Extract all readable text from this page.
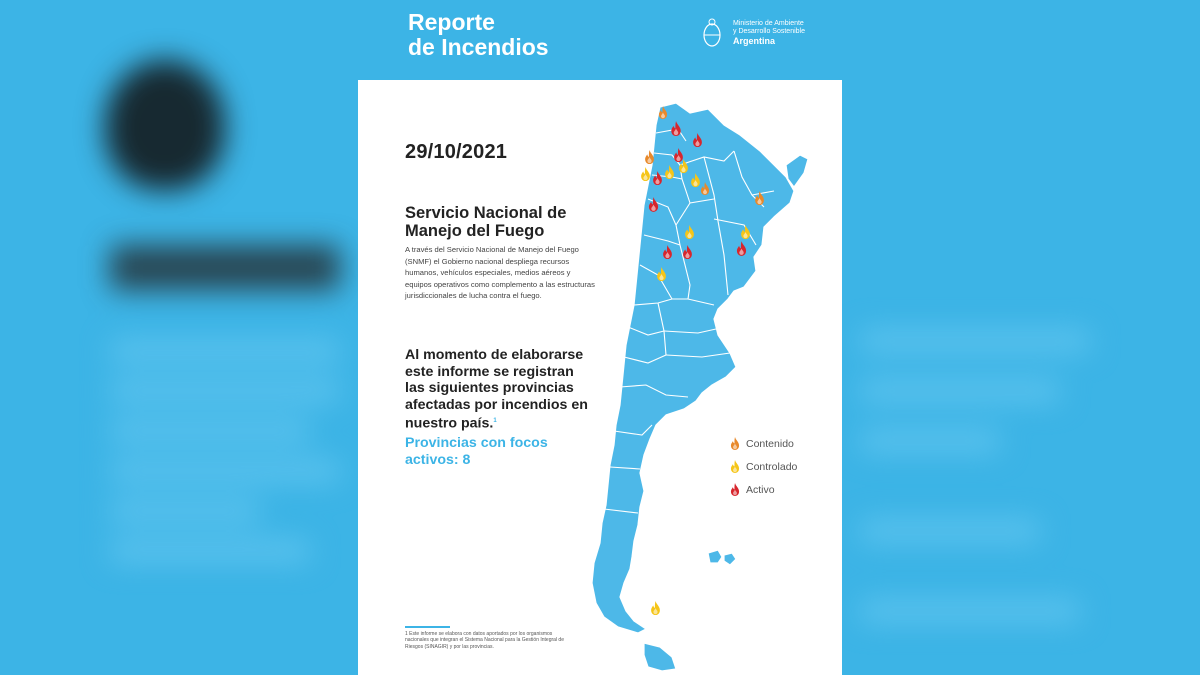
Reporte
de Incendios
Ministerio de Ambiente
y Desarrollo Sostenible
Argentina
29/10/2021
Servicio Nacional de Manejo del Fuego
A través del Servicio Nacional de Manejo del Fuego (SNMF) el Gobierno nacional despliega recursos humanos, vehículos especiales, medios aéreos y equipos operativos como complemento a las estructuras jurisdiccionales de lucha contra el fuego.
Al momento de elaborarse este informe se registran las siguientes provincias afectadas por incendios en nuestro país.$^1$
Provincias con focos activos: 8
1 Este informe se elabora con datos aportados por los organismos nacionales que integran el Sistema Nacional para la Gestión Integral de Riesgos (SINAGIR) y por las provincias.
Contenido
Controlado
Activo
